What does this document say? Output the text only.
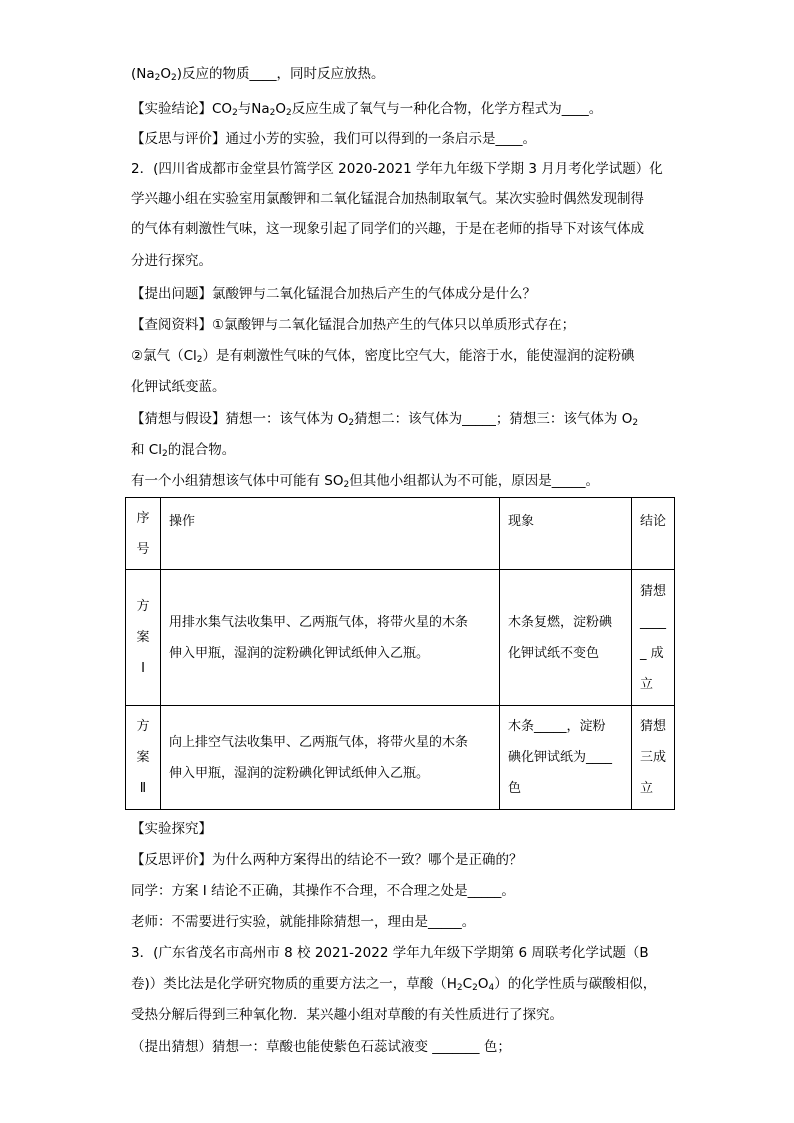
$(Na_2O_2)$反应的物质____，同时反应放热。
【实验结论】$CO_2$与$Na_2O_2$反应生成了氧气与一种化合物，化学方程式为____。
【反思与评价】通过小芳的实验，我们可以得到的一条启示是____。
2．(四川省成都市金堂县竹篙学区 2020-2021 学年九年级下学期 3 月月考化学试题）化
学兴趣小组在实验室用氯酸钾和二氧化锰混合加热制取氧气。某次实验时偶然发现制得
的气体有刺激性气味，这一现象引起了同学们的兴趣，于是在老师的指导下对该气体成
分进行探究。
【提出问题】氯酸钾与二氧化锰混合加热后产生的气体成分是什么？
【查阅资料】①氯酸钾与二氧化锰混合加热产生的气体只以单质形式存在；
②氯气$(Cl_2)$是有刺激性气味的气体，密度比空气大，能溶于水，能使湿润的淀粉碘
化钾试纸变蓝。
【猜想与假设】猜想一：该气体为 $O_2$猜想二：该气体为_____；猜想三：该气体为 $O_2$
和 $Cl_2$的混合物。
有一个小组猜想该气体中可能有 $SO_2$但其他小组都认为不可能，原因是_____。
序
号	操作	现象	结论

方
案
I	用排水集气法收集甲、乙两瓶气体，将带火星的木条
伸入甲瓶，湿润的淀粉碘化钾试纸伸入乙瓶。	木条复燃，淀粉碘
化钾试纸不变色	猜想
____
_ 成
立

方
案
Ⅱ	向上排空气法收集甲、乙两瓶气体，将带火星的木条
伸入甲瓶，湿润的淀粉碘化钾试纸伸入乙瓶。	木条_____，淀粉
碘化钾试纸为____
色	猜想
三成
立
【实验探究】
【反思评价】为什么两种方案得出的结论不一致？哪个是正确的？
同学：方案 I 结论不正确，其操作不合理，不合理之处是_____。
老师：不需要进行实验，就能排除猜想一，理由是_____。
3．(广东省茂名市高州市 8 校 2021-2022 学年九年级下学期第 6 周联考化学试题（B
卷)）类比法是化学研究物质的重要方法之一，草酸$(H_2C_2O_4)$的化学性质与碳酸相似，
受热分解后得到三种氧化物．某兴趣小组对草酸的有关性质进行了探究。
（提出猜想）猜想一：草酸也能使紫色石蕊试液变 _______ 色；
